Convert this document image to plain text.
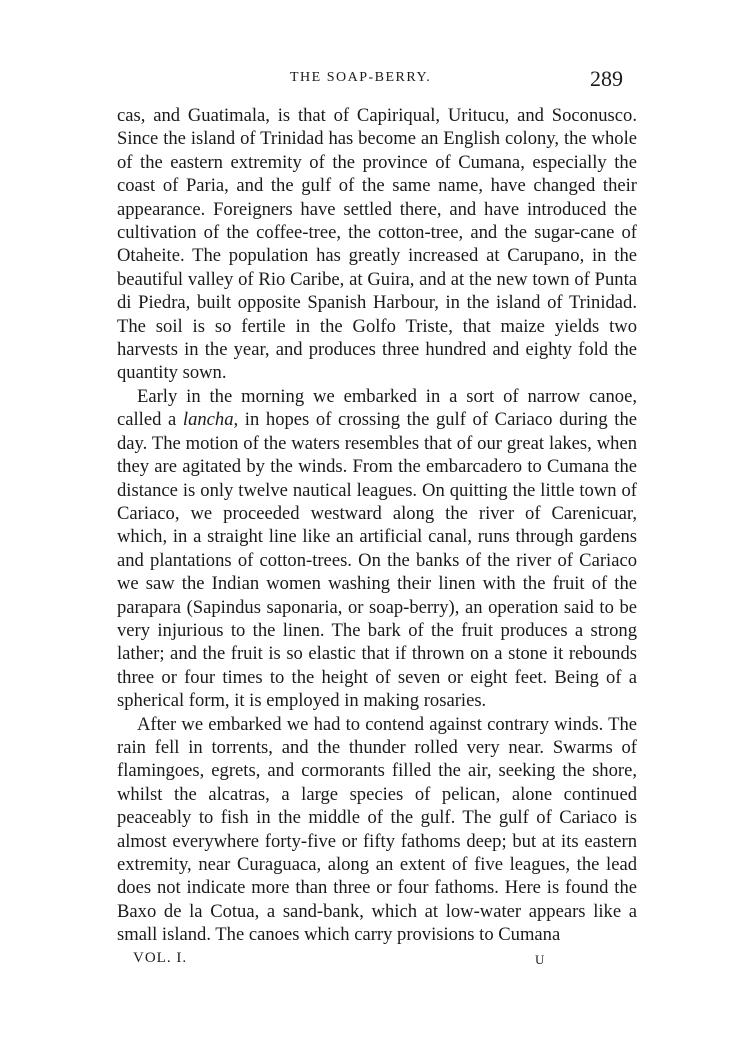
THE SOAP-BERRY.	289

cas, and Guatimala, is that of Capiriqual, Uritucu, and Soconusco. Since the island of Trinidad has become an English colony, the whole of the eastern extremity of the province of Cumana, especially the coast of Paria, and the gulf of the same name, have changed their appearance. Foreigners have settled there, and have introduced the cultivation of the coffee-tree, the cotton-tree, and the sugar-cane of Otaheite. The population has greatly increased at Carupano, in the beautiful valley of Rio Caribe, at Guira, and at the new town of Punta di Piedra, built opposite Spanish Harbour, in the island of Trinidad. The soil is so fertile in the Golfo Triste, that maize yields two harvests in the year, and produces three hundred and eighty fold the quantity sown.

Early in the morning we embarked in a sort of narrow canoe, called a lancha, in hopes of crossing the gulf of Cariaco during the day. The motion of the waters resembles that of our great lakes, when they are agitated by the winds. From the embarcadero to Cumana the distance is only twelve nautical leagues. On quitting the little town of Cariaco, we proceeded westward along the river of Carenicuar, which, in a straight line like an artificial canal, runs through gardens and plantations of cotton-trees. On the banks of the river of Cariaco we saw the Indian women washing their linen with the fruit of the parapara (Sapindus saponaria, or soap-berry), an operation said to be very injurious to the linen. The bark of the fruit produces a strong lather; and the fruit is so elastic that if thrown on a stone it rebounds three or four times to the height of seven or eight feet. Being of a spherical form, it is employed in making rosaries.

After we embarked we had to contend against contrary winds. The rain fell in torrents, and the thunder rolled very near. Swarms of flamingoes, egrets, and cormorants filled the air, seeking the shore, whilst the alcatras, a large species of pelican, alone continued peaceably to fish in the middle of the gulf. The gulf of Cariaco is almost everywhere forty-five or fifty fathoms deep; but at its eastern extremity, near Curaguaca, along an extent of five leagues, the lead does not indicate more than three or four fathoms. Here is found the Baxo de la Cotua, a sand-bank, which at low-water appears like a small island. The canoes which carry provisions to Cumana

VOL. I.	U
